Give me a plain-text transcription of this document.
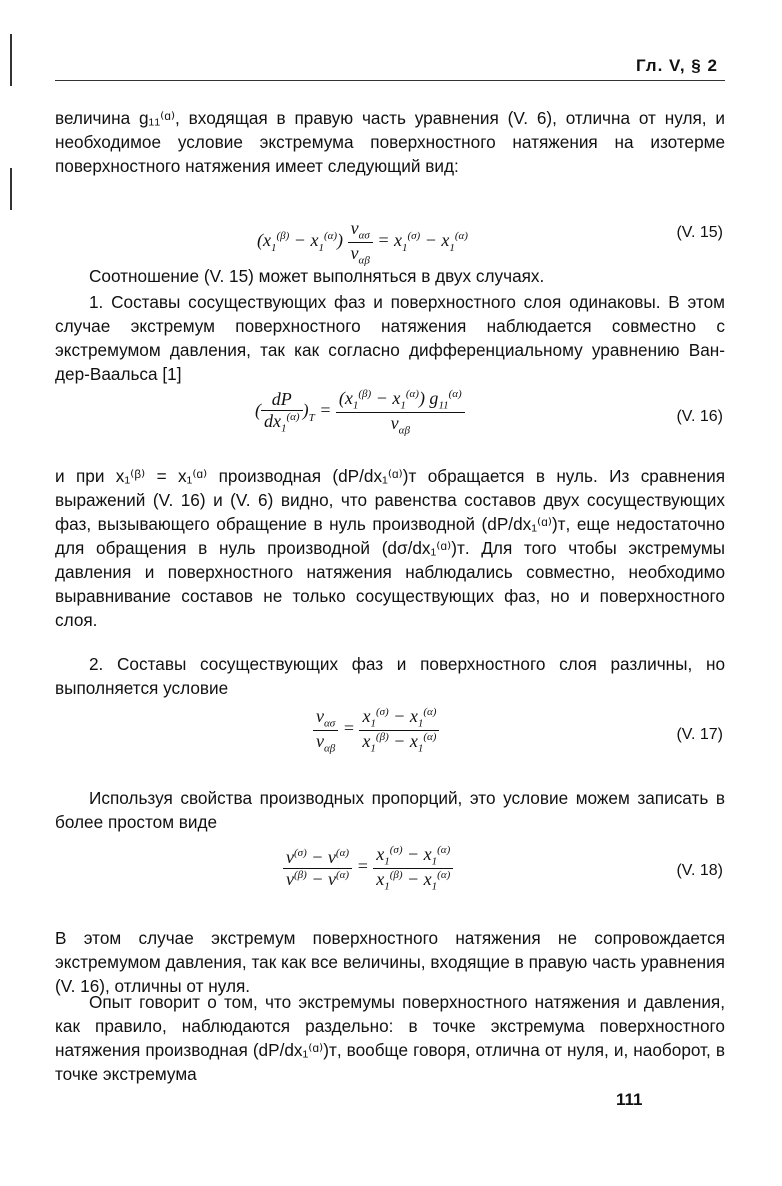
Гл. V, § 2

величина g₁₁⁽ᵅ⁾, входящая в правую часть уравнения (V. 6), отлична от нуля, и необходимое условие экстремума поверхностного натяжения на изотерме поверхностного натяжения имеет следующий вид:

$(x_1^{(\beta)} - x_1^{(\alpha)}) \frac{v_{\alpha\sigma}}{v_{\alpha\beta}} = x_1^{(\sigma)} - x_1^{(\alpha)}$	(V. 15)

Соотношение (V. 15) может выполняться в двух случаях.

1. Составы сосуществующих фаз и поверхностного слоя одинаковы. В этом случае экстремум поверхностного натяжения наблюдается совместно с экстремумом давления, так как согласно дифференциальному уравнению Ван-дер-Ваальса [1]

( $\frac{dP}{dx_1^{(\alpha)}} )_T = \frac{(x_1^{(\beta)} - x_1^{(\alpha)}) g_{11}^{(\alpha)}}{v_{\alpha\beta}}$	(V. 16)

и при x₁⁽ᵝ⁾ = x₁⁽ᵅ⁾ производная (dP/dx₁⁽ᵅ⁾)ᴛ обращается в нуль. Из сравнения выражений (V. 16) и (V. 6) видно, что равенства составов двух сосуществующих фаз, вызывающего обращение в нуль производной (dP/dx₁⁽ᵅ⁾)ᴛ, еще недостаточно для обращения в нуль производной (dσ/dx₁⁽ᵅ⁾)ᴛ. Для того чтобы экстремумы давления и поверхностного натяжения наблюдались совместно, необходимо выравнивание составов не только сосуществующих фаз, но и поверхностного слоя.

2. Составы сосуществующих фаз и поверхностного слоя различны, но выполняется условие

$\frac{v_{\alpha\sigma}}{v_{\alpha\beta}} = \frac{x_1^{(\sigma)} - x_1^{(\alpha)}}{x_1^{(\beta)} - x_1^{(\alpha)}}$	(V. 17)

Используя свойства производных пропорций, это условие можем записать в более простом виде

$\frac{v^{(\sigma)} - v^{(\alpha)}}{v^{(\beta)} - v^{(\alpha)}} = \frac{x_1^{(\sigma)} - x_1^{(\alpha)}}{x_1^{(\beta)} - x_1^{(\alpha)}}$	(V. 18)

В этом случае экстремум поверхностного натяжения не сопровождается экстремумом давления, так как все величины, входящие в правую часть уравнения (V. 16), отличны от нуля.

Опыт говорит о том, что экстремумы поверхностного натяжения и давления, как правило, наблюдаются раздельно: в точке экстремума поверхностного натяжения производная (dP/dx₁⁽ᵅ⁾)ᴛ, вообще говоря, отлична от нуля, и, наоборот, в точке экстремума

111
